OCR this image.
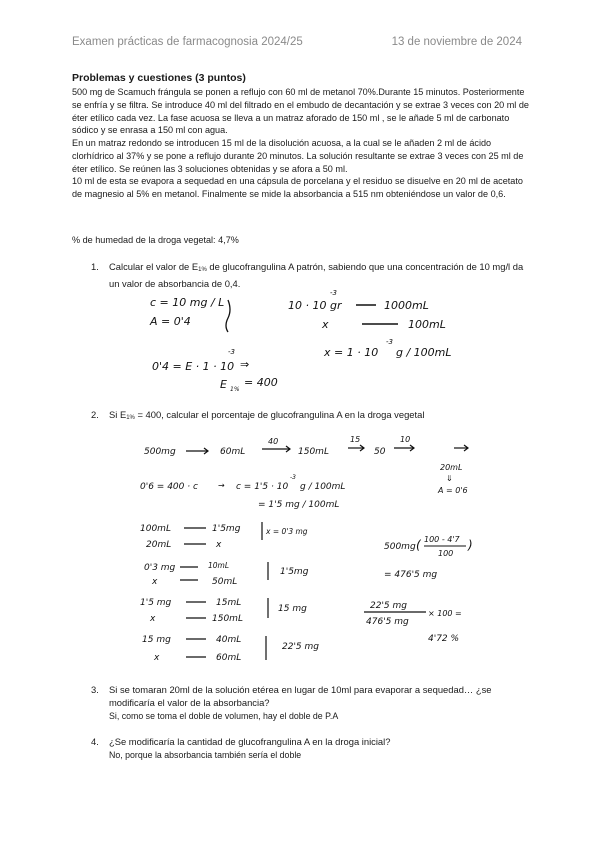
Examen prácticas de farmacognosia 2024/25	13 de noviembre de 2024
Problemas y cuestiones (3 puntos)

500 mg de Scamuch frángula se ponen a reflujo con 60 ml de metanol 70%.Durante 15 minutos. Posteriormente se enfría y se filtra. Se introduce 40 ml del filtrado en el embudo de decantación y se extrae 3 veces con 20 ml de éter etílico cada vez. La fase acuosa se lleva a un matraz aforado de 150 ml , se le añade 5 ml de carbonato sódico y se enrasa a 150 ml con agua.

En un matraz redondo se introducen 15 ml de la disolución acuosa, a la cual se le añaden 2 ml de ácido clorhídrico al 37% y se pone a reflujo durante 20 minutos. La solución resultante se extrae 3 veces con 25 ml de éter etílico. Se reúnen las 3 soluciones obtenidas y se afora a 50 ml.

10 ml de esta se evapora a sequedad en una cápsula de porcelana y el residuo se disuelve en 20 ml de acetato de magnesio al 5% en metanol. Finalmente se mide la absorbancia a 515 nm obteniéndose un valor de 0,6.

% de humedad de la droga vegetal: 4,7%
1. Calcular el valor de E1% de glucofrangulina A patrón, sabiendo que una concentración de 10 mg/l da un valor de absorbancia de 0,4.
2. Si E1% = 400, calcular el porcentaje de glucofrangulina A en la droga vegetal
3. Si se tomaran 20ml de la solución etérea en lugar de 10ml para evaporar a sequedad… ¿se modificaría el valor de la absorbancia?
Si, como se toma el doble de volumen, hay el doble de P.A
4. ¿Se modificaría la cantidad de glucofrangulina A en la droga inicial?
No, porque la absorbancia también sería el doble
c = 10 mg / L
A = 0'4
10 · 10 gr
-3
1000mL
x	100mL
0'4 = E · 1 · 10
-3
⇒
x = 1 · 10
-3
g / 100mL
E 1%
= 400
500mg	60mL
40
150mL
15
50
10
20mL
⇓
A = 0'6
0'6 = 400 · c	→ c = 1'5 · 10
-3
g / 100mL
= 1'5 mg / 100mL
100mL	1'5mg
20mL	x
x = 0'3 mg
0'3 mg	10mL
x	50mL
1'5mg
1'5 mg	15mL
x	150mL
15 mg
15 mg	40mL
x	60mL
22'5 mg
500mg ( 100 - 4'7
100
)
= 476'5 mg
22'5 mg
476'5 mg
× 100 =
4'72 %
